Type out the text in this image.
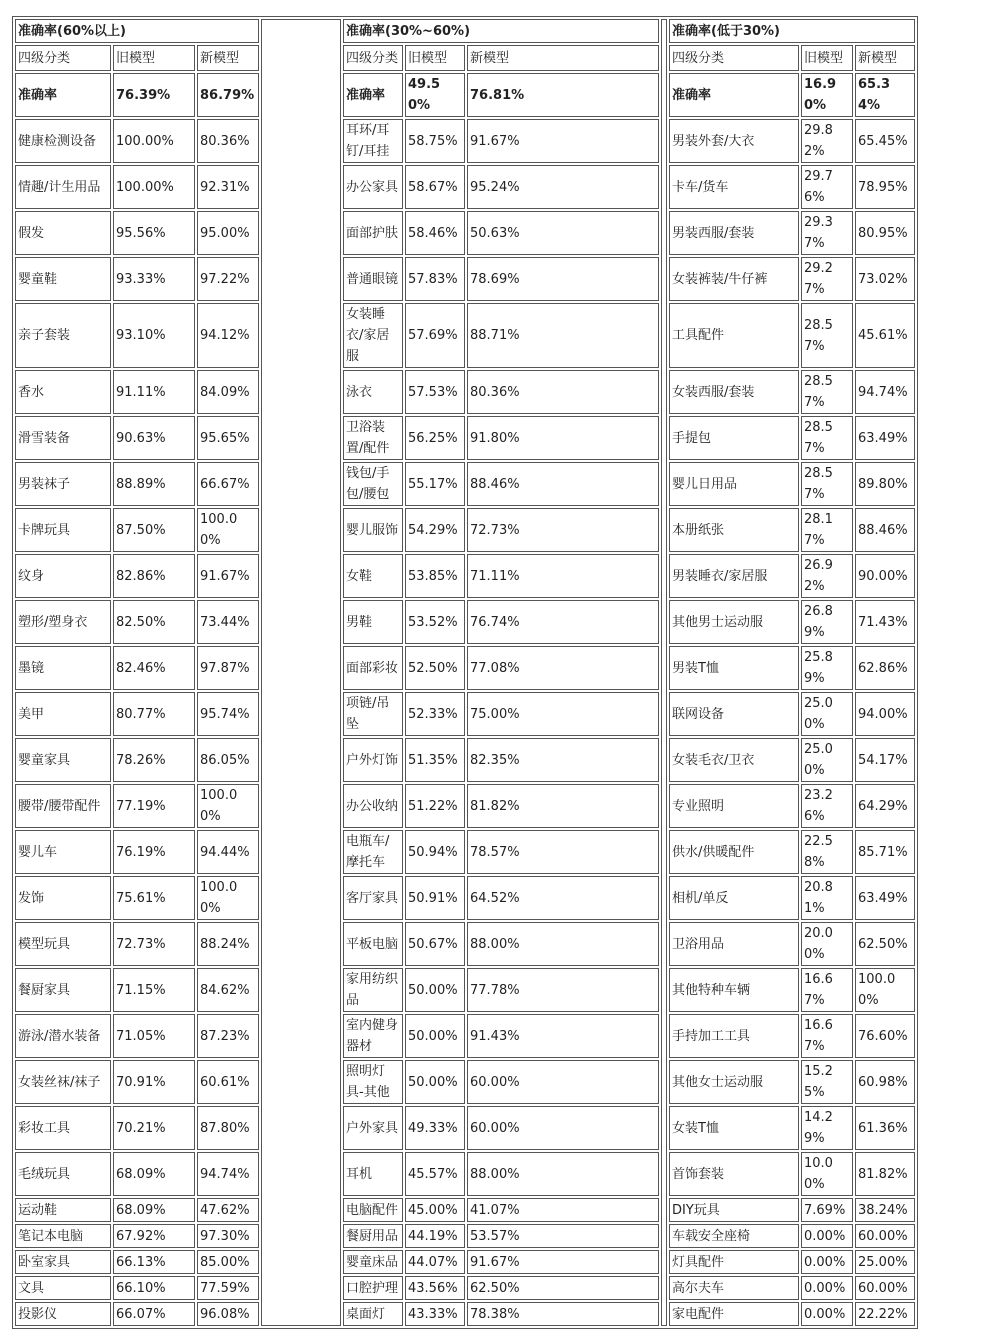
准确率(60%以上)				准确率(30%~60%)				准确率(低于30%)		
四级分类	旧模型	新模型		四级分类	旧模型	新模型		四级分类	旧模型	新模型
准确率	76.39%	86.79%		准确率	49.50%	76.81%		准确率	16.90%	65.34%
健康检测设备	100.00%	80.36%		耳环/耳钉/耳挂	58.75%	91.67%		男装外套/大衣	29.82%	65.45%
情趣/计生用品	100.00%	92.31%		办公家具	58.67%	95.24%		卡车/货车	29.76%	78.95%
假发	95.56%	95.00%		面部护肤	58.46%	50.63%		男装西服/套装	29.37%	80.95%
婴童鞋	93.33%	97.22%		普通眼镜	57.83%	78.69%		女装裤装/牛仔裤	29.27%	73.02%
亲子套装	93.10%	94.12%		女装睡衣/家居服	57.69%	88.71%		工具配件	28.57%	45.61%
香水	91.11%	84.09%		泳衣	57.53%	80.36%		女装西服/套装	28.57%	94.74%
滑雪装备	90.63%	95.65%		卫浴装置/配件	56.25%	91.80%		手提包	28.57%	63.49%
男装袜子	88.89%	66.67%		钱包/手包/腰包	55.17%	88.46%		婴儿日用品	28.57%	89.80%
卡牌玩具	87.50%	100.00%		婴儿服饰	54.29%	72.73%		本册纸张	28.17%	88.46%
纹身	82.86%	91.67%		女鞋	53.85%	71.11%		男装睡衣/家居服	26.92%	90.00%
塑形/塑身衣	82.50%	73.44%		男鞋	53.52%	76.74%		其他男士运动服	26.89%	71.43%
墨镜	82.46%	97.87%		面部彩妆	52.50%	77.08%		男装T恤	25.89%	62.86%
美甲	80.77%	95.74%		项链/吊坠	52.33%	75.00%		联网设备	25.00%	94.00%
婴童家具	78.26%	86.05%		户外灯饰	51.35%	82.35%		女装毛衣/卫衣	25.00%	54.17%
腰带/腰带配件	77.19%	100.00%		办公收纳	51.22%	81.82%		专业照明	23.26%	64.29%
婴儿车	76.19%	94.44%		电瓶车/摩托车	50.94%	78.57%		供水/供暖配件	22.58%	85.71%
发饰	75.61%	100.00%		客厅家具	50.91%	64.52%		相机/单反	20.81%	63.49%
模型玩具	72.73%	88.24%		平板电脑	50.67%	88.00%		卫浴用品	20.00%	62.50%
餐厨家具	71.15%	84.62%		家用纺织品	50.00%	77.78%		其他特种车辆	16.67%	100.00%
游泳/潜水装备	71.05%	87.23%		室内健身器材	50.00%	91.43%		手持加工工具	16.67%	76.60%
女装丝袜/袜子	70.91%	60.61%		照明灯具-其他	50.00%	60.00%		其他女士运动服	15.25%	60.98%
彩妆工具	70.21%	87.80%		户外家具	49.33%	60.00%		女装T恤	14.29%	61.36%
毛绒玩具	68.09%	94.74%		耳机	45.57%	88.00%		首饰套装	10.00%	81.82%
运动鞋	68.09%	47.62%		电脑配件	45.00%	41.07%		DIY玩具	7.69%	38.24%
笔记本电脑	67.92%	97.30%		餐厨用品	44.19%	53.57%		车载安全座椅	0.00%	60.00%
卧室家具	66.13%	85.00%		婴童床品	44.07%	91.67%		灯具配件	0.00%	25.00%
文具	66.10%	77.59%		口腔护理	43.56%	62.50%		高尔夫车	0.00%	60.00%
投影仪	66.07%	96.08%		桌面灯	43.33%	78.38%		家电配件	0.00%	22.22%
